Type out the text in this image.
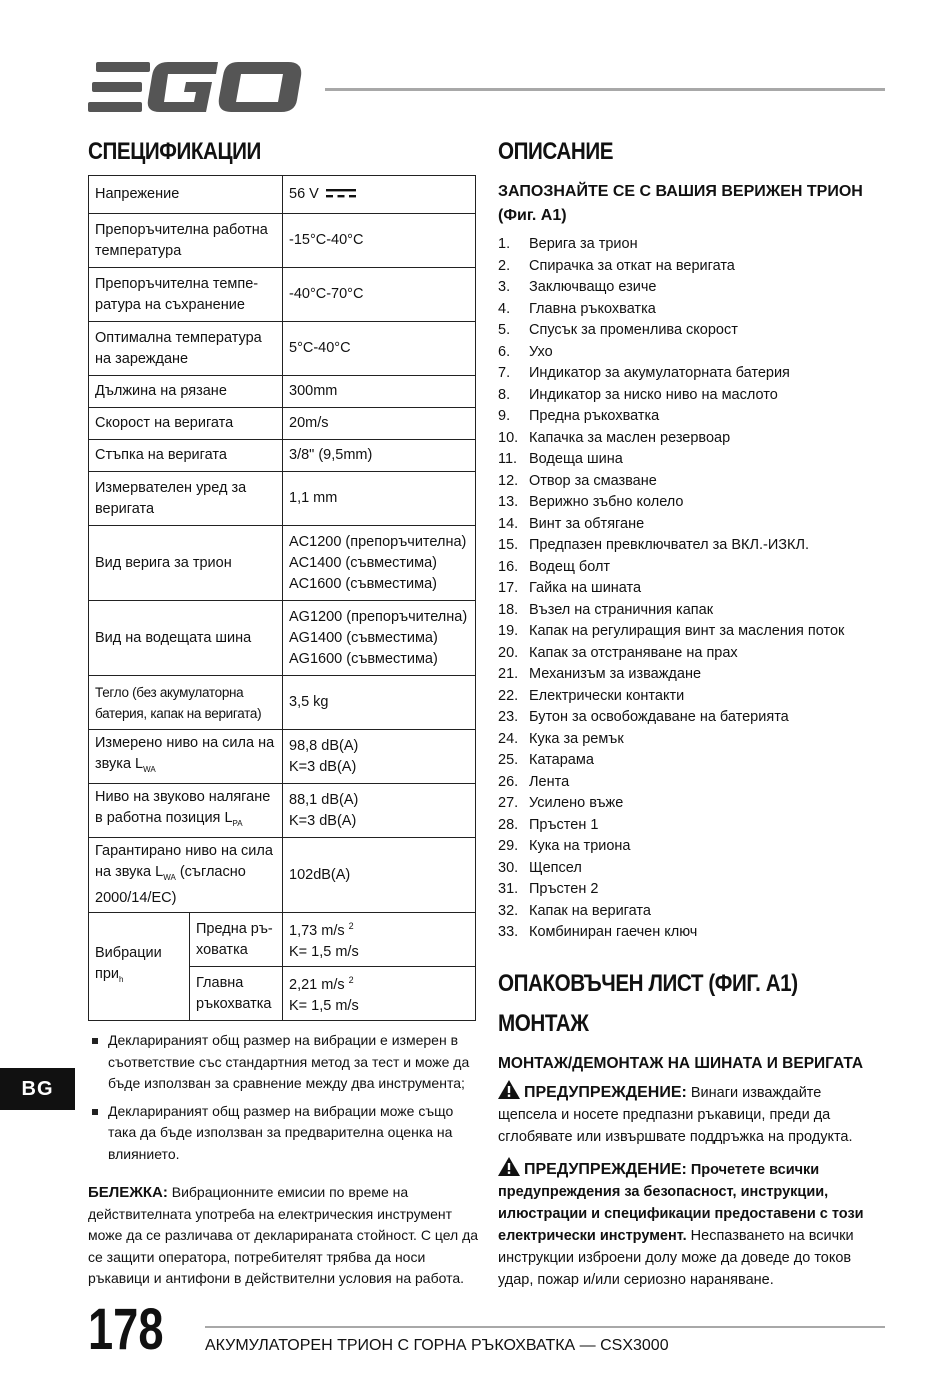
СПЕЦИФИКАЦИИ
Напрежение		56 V
Препоръчителна работна температура		-15°C-40°C
Препоръчителна темпе-ратура на съхранение		-40°C-70°C
Оптимална температура на зареждане		5°C-40°C
Дължина на рязане		300mm
Скорост на веригата		20m/s
Стъпка на веригата		3/8" (9,5mm)
Измервателен уред за веригата		1,1 mm
Вид верига за трион		AC1200 (препоръчителна)
AC1400 (съвместима)
AC1600 (съвместима)

Вид на водещата шина		AG1200 (препоръчителна)
AG1400 (съвместима)
AG1600 (съвместима)

Тегло (без акумулаторна батерия, капак на веригата)		3,5 kg
Измерено ниво на сила на звука $L_{WA}$		98,8 dB(A)
K=3 dB(A)

Ниво на звуково налягане в работна позиция $L_{PA}$		88,1 dB(A)
K=3 dB(A)

Гарантирано ниво на сила на звука $L_{WA}$ (съгласно 2000/14/EC)		102dB(A)
Вибрации при$_h$	Предна ръ-ховатка	1,73 m/s $^2$
K= 1,5 m/s

	Главна ръкохватка	2,21 m/s $^2$
K= 1,5 m/s
Декларираният общ размер на вибрации е измерен в съответствие със стандартния метод за тест и може да бъде използван за сравнение между два инструмента;
Декларираният общ размер на вибрации може също така да бъде използван за предварителна оценка на влиянието.
БЕЛЕЖКА: Вибрационните емисии по време на действителната употреба на електрическия инструмент може да се различава от декларираната стойност. С цел да се защити оператора, потребителят трябва да носи ръкавици и антифони в действителни условия на работа.
ОПИСАНИЕ
ЗАПОЗНАЙТЕ СЕ С ВАШИЯ ВЕРИЖЕН ТРИОН (Фиг. A1)
1. Верига за трион
2. Спирачка за откат на веригата
3. Заключващо езиче
4. Главна ръкохватка
5. Спусък за променлива скорост
6. Ухо
7. Индикатор за акумулаторната батерия
8. Индикатор за ниско ниво на маслото
9. Предна ръкохватка
10. Капачка за маслен резервоар
11. Водеща шина
12. Отвор за смазване
13. Верижно зъбно колело
14. Винт за обтягане
15. Предпазен превключвател за ВКЛ.-ИЗКЛ.
16. Водещ болт
17. Гайка на шината
18. Възел на страничния капак
19. Капак на регулиращия винт за масления поток
20. Капак за отстраняване на прах
21. Механизъм за изваждане
22. Електрически контакти
23. Бутон за освобождаване на батерията
24. Кука за ремък
25. Катарама
26. Лента
27. Усилено въже
28. Пръстен 1
29. Кука на триона
30. Щепсел
31. Пръстен 2
32. Капак на веригата
33. Комбиниран гаечен ключ
ОПАКОВЪЧЕН ЛИСТ (ФИГ. A1)
МОНТАЖ
МОНТАЖ/ДЕМОНТАЖ НА ШИНАТА И ВЕРИГАТА
ПРЕДУПРЕЖДЕНИЕ: Винаги изваждайте щепсела и носете предпазни ръкавици, преди да сглобявате или извършвате поддръжка на продукта.
ПРЕДУПРЕЖДЕНИЕ: Прочетете всички предупреждения за безопасност, инструкции, илюстрации и спецификации предоставени с този електрически инструмент. Неспазването на всички инструкции изброени долу може да доведе до токов удар, пожар и/или сериозно нараняване.
BG
178	АКУМУЛАТОРЕН ТРИОН С ГОРНА РЪКОХВАТКА — CSX3000
